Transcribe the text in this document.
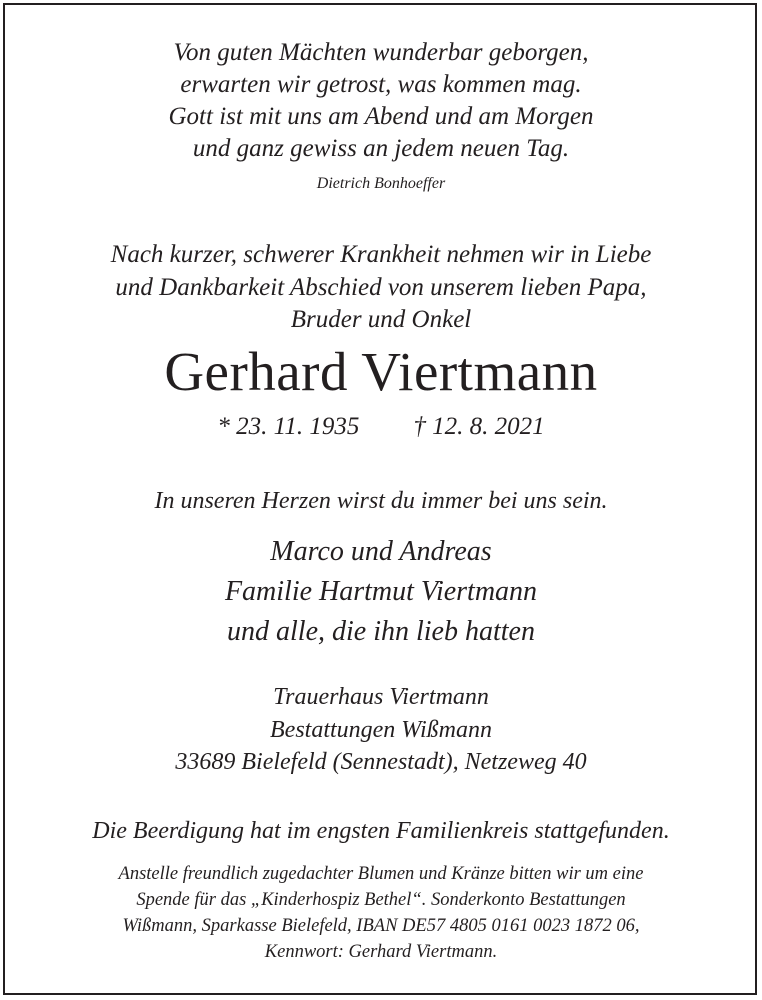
Von guten Mächten wunderbar geborgen,

erwarten wir getrost, was kommen mag.

Gott ist mit uns am Abend und am Morgen

und ganz gewiss an jedem neuen Tag.

Dietrich Bonhoeffer

Nach kurzer, schwerer Krankheit nehmen wir in Liebe

und Dankbarkeit Abschied von unserem lieben Papa,

Bruder und Onkel

Gerhard Viertmann

* 23. 11. 1935 † 12. 8. 2021

In unseren Herzen wirst du immer bei uns sein.

Marco und Andreas

Familie Hartmut Viertmann

und alle, die ihn lieb hatten

Trauerhaus Viertmann

Bestattungen Wißmann

33689 Bielefeld (Sennestadt), Netzeweg 40

Die Beerdigung hat im engsten Familienkreis stattgefunden.

Anstelle freundlich zugedachter Blumen und Kränze bitten wir um eine

Spende für das „Kinderhospiz Bethel“. Sonderkonto Bestattungen

Wißmann, Sparkasse Bielefeld, IBAN DE57 4805 0161 0023 1872 06,

Kennwort: Gerhard Viertmann.
